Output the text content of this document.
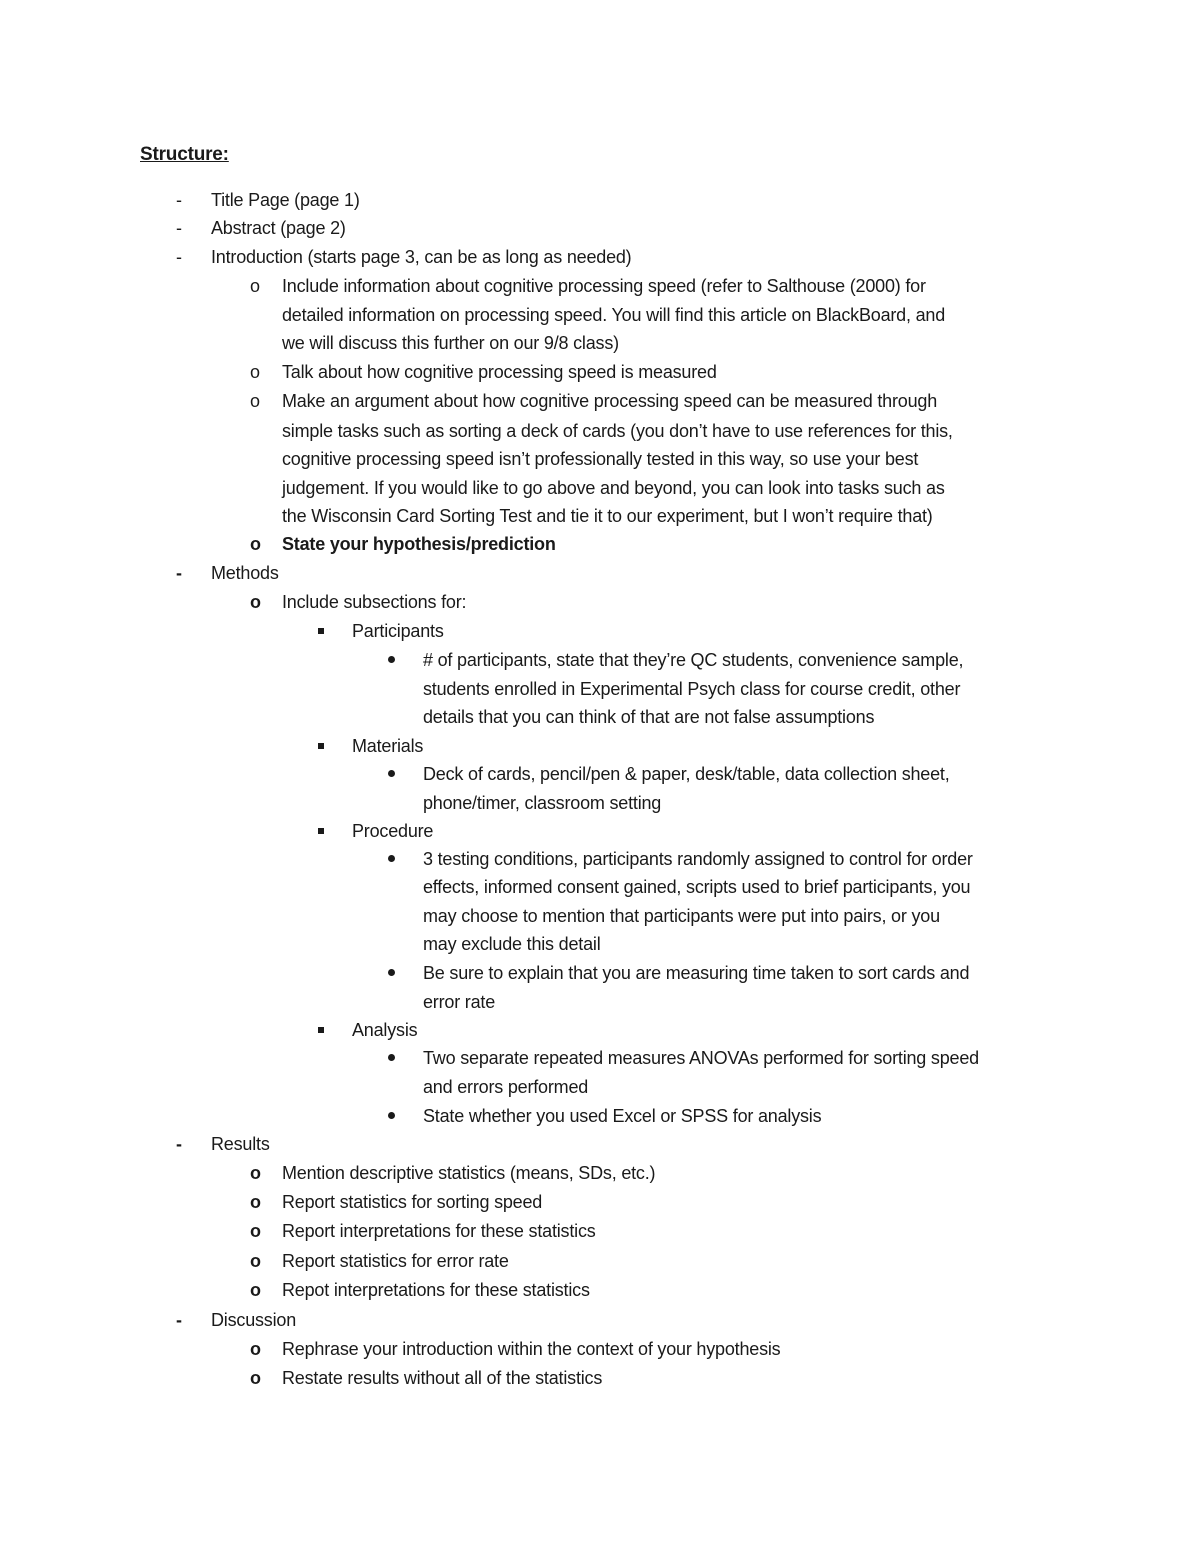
Structure:
-	Title Page (page 1)
-	Abstract (page 2)
-	Introduction (starts page 3, can be as long as needed)
o	Include information about cognitive processing speed (refer to Salthouse (2000) for
detailed information on processing speed. You will find this article on BlackBoard, and
we will discuss this further on our 9/8 class)
o	Talk about how cognitive processing speed is measured
o	Make an argument about how cognitive processing speed can be measured through
simple tasks such as sorting a deck of cards (you don’t have to use references for this,
cognitive processing speed isn’t professionally tested in this way, so use your best
judgement. If you would like to go above and beyond, you can look into tasks such as
the Wisconsin Card Sorting Test and tie it to our experiment, but I won’t require that)
o	State your hypothesis/prediction
-	Methods
o	Include subsections for:
Participants
# of participants, state that they’re QC students, convenience sample,
students enrolled in Experimental Psych class for course credit, other
details that you can think of that are not false assumptions
Materials
Deck of cards, pencil/pen & paper, desk/table, data collection sheet,
phone/timer, classroom setting
Procedure
3 testing conditions, participants randomly assigned to control for order
effects, informed consent gained, scripts used to brief participants, you
may choose to mention that participants were put into pairs, or you
may exclude this detail
Be sure to explain that you are measuring time taken to sort cards and
error rate
Analysis
Two separate repeated measures ANOVAs performed for sorting speed
and errors performed
State whether you used Excel or SPSS for analysis
-	Results
o	Mention descriptive statistics (means, SDs, etc.)
o	Report statistics for sorting speed
o	Report interpretations for these statistics
o	Report statistics for error rate
o	Repot interpretations for these statistics
-	Discussion
o	Rephrase your introduction within the context of your hypothesis
o	Restate results without all of the statistics
